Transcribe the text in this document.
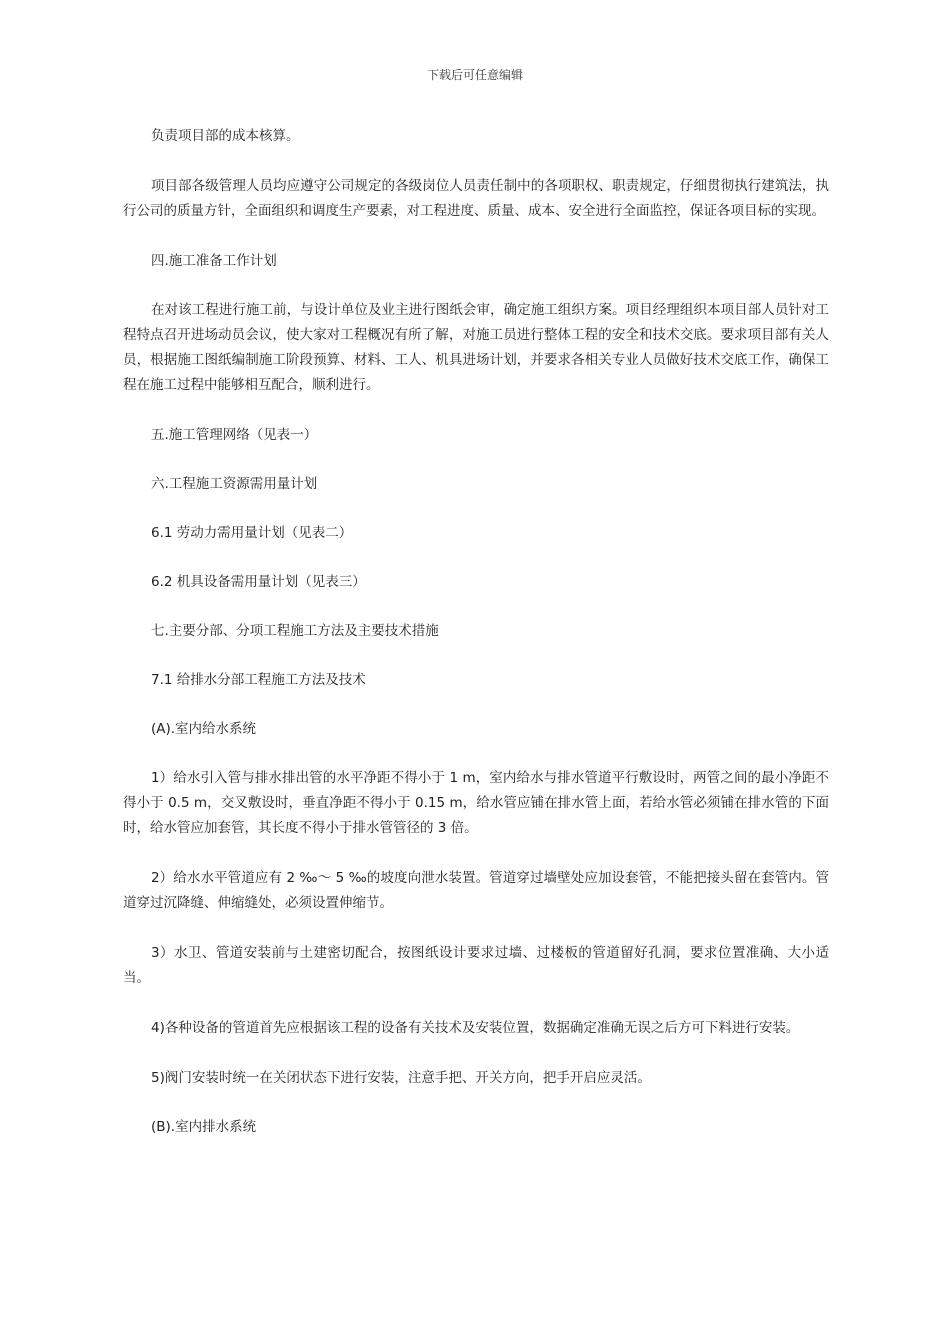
下载后可任意编辑

负责项目部的成本核算。

项目部各级管理人员均应遵守公司规定的各级岗位人员责任制中的各项职权、职责规定，仔细贯彻执行建筑法，执行公司的质量方针，全面组织和调度生产要素，对工程进度、质量、成本、安全进行全面监控，保证各项目标的实现。

四.施工准备工作计划

在对该工程进行施工前，与设计单位及业主进行图纸会审，确定施工组织方案。项目经理组织本项目部人员针对工程特点召开进场动员会议，使大家对工程概况有所了解，对施工员进行整体工程的安全和技术交底。要求项目部有关人员，根据施工图纸编制施工阶段预算、材料、工人、机具进场计划，并要求各相关专业人员做好技术交底工作，确保工程在施工过程中能够相互配合，顺利进行。

五.施工管理网络（见表一）

六.工程施工资源需用量计划

6.1 劳动力需用量计划（见表二）

6.2 机具设备需用量计划（见表三）

七.主要分部、分项工程施工方法及主要技术措施

7.1 给排水分部工程施工方法及技术

(A).室内给水系统

1）给水引入管与排水排出管的水平净距不得小于 1 m，室内给水与排水管道平行敷设时，两管之间的最小净距不得小于 0.5 m，交叉敷设时，垂直净距不得小于 0.15 m，给水管应铺在排水管上面，若给水管必须铺在排水管的下面时，给水管应加套管，其长度不得小于排水管管径的 3 倍。

2）给水水平管道应有 2 ‰～ 5 ‰的坡度向泄水装置。管道穿过墙壁处应加设套管，不能把接头留在套管内。管道穿过沉降缝、伸缩缝处，必须设置伸缩节。

3）水卫、管道安装前与土建密切配合，按图纸设计要求过墙、过楼板的管道留好孔洞，要求位置准确、大小适当。

4)各种设备的管道首先应根据该工程的设备有关技术及安装位置，数据确定准确无误之后方可下料进行安装。

5)阀门安装时统一在关闭状态下进行安装，注意手把、开关方向，把手开启应灵活。

(B).室内排水系统
